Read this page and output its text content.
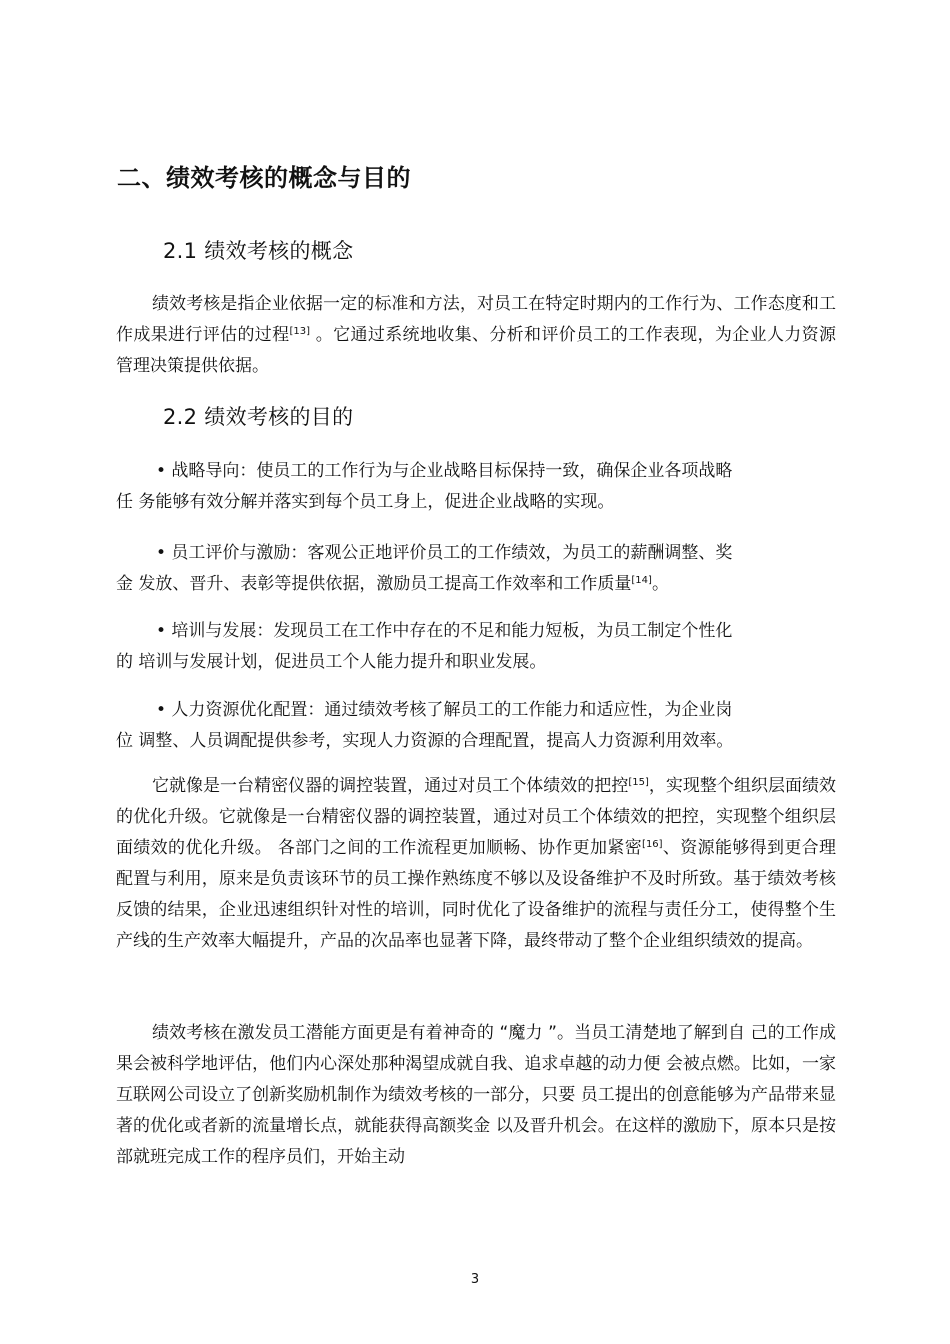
二、绩效考核的概念与目的
2.1 绩效考核的概念

绩效考核是指企业依据一定的标准和方法，对员工在特定时期内的工作行为、工作态度和工作成果进行评估的过程[13] 。它通过系统地收集、分析和评价员工的工作表现，为企业人力资源管理决策提供依据。

2.2 绩效考核的目的
• 战略导向：使员工的工作行为与企业战略目标保持一致，确保企业各项战略
任 务能够有效分解并落实到每个员工身上，促进企业战略的实现。
• 员工评价与激励：客观公正地评价员工的工作绩效，为员工的薪酬调整、奖
金 发放、晋升、表彰等提供依据，激励员工提高工作效率和工作质量[14]。
• 培训与发展：发现员工在工作中存在的不足和能力短板，为员工制定个性化
的 培训与发展计划，促进员工个人能力提升和职业发展。
• 人力资源优化配置：通过绩效考核了解员工的工作能力和适应性，为企业岗
位 调整、人员调配提供参考，实现人力资源的合理配置，提高人力资源利用效率。

它就像是一台精密仪器的调控装置，通过对员工个体绩效的把控[15]，实现整个组织层面绩效的优化升级。它就像是一台精密仪器的调控装置，通过对员工个体绩效的把控，实现整个组织层面绩效的优化升级。 各部门之间的工作流程更加顺畅、协作更加紧密[16]、资源能够得到更合理配置与利用，原来是负责该环节的员工操作熟练度不够以及设备维护不及时所致。基于绩效考核反馈的结果，企业迅速组织针对性的培训，同时优化了设备维护的流程与责任分工，使得整个生产线的生产效率大幅提升，产品的次品率也显著下降，最终带动了整个企业组织绩效的提高。

绩效考核在激发员工潜能方面更是有着神奇的 “魔力 ”。当员工清楚地了解到自 己的工作成果会被科学地评估，他们内心深处那种渴望成就自我、追求卓越的动力便 会被点燃。比如，一家互联网公司设立了创新奖励机制作为绩效考核的一部分，只要 员工提出的创意能够为产品带来显著的优化或者新的流量增长点，就能获得高额奖金 以及晋升机会。在这样的激励下，原本只是按部就班完成工作的程序员们，开始主动

3
